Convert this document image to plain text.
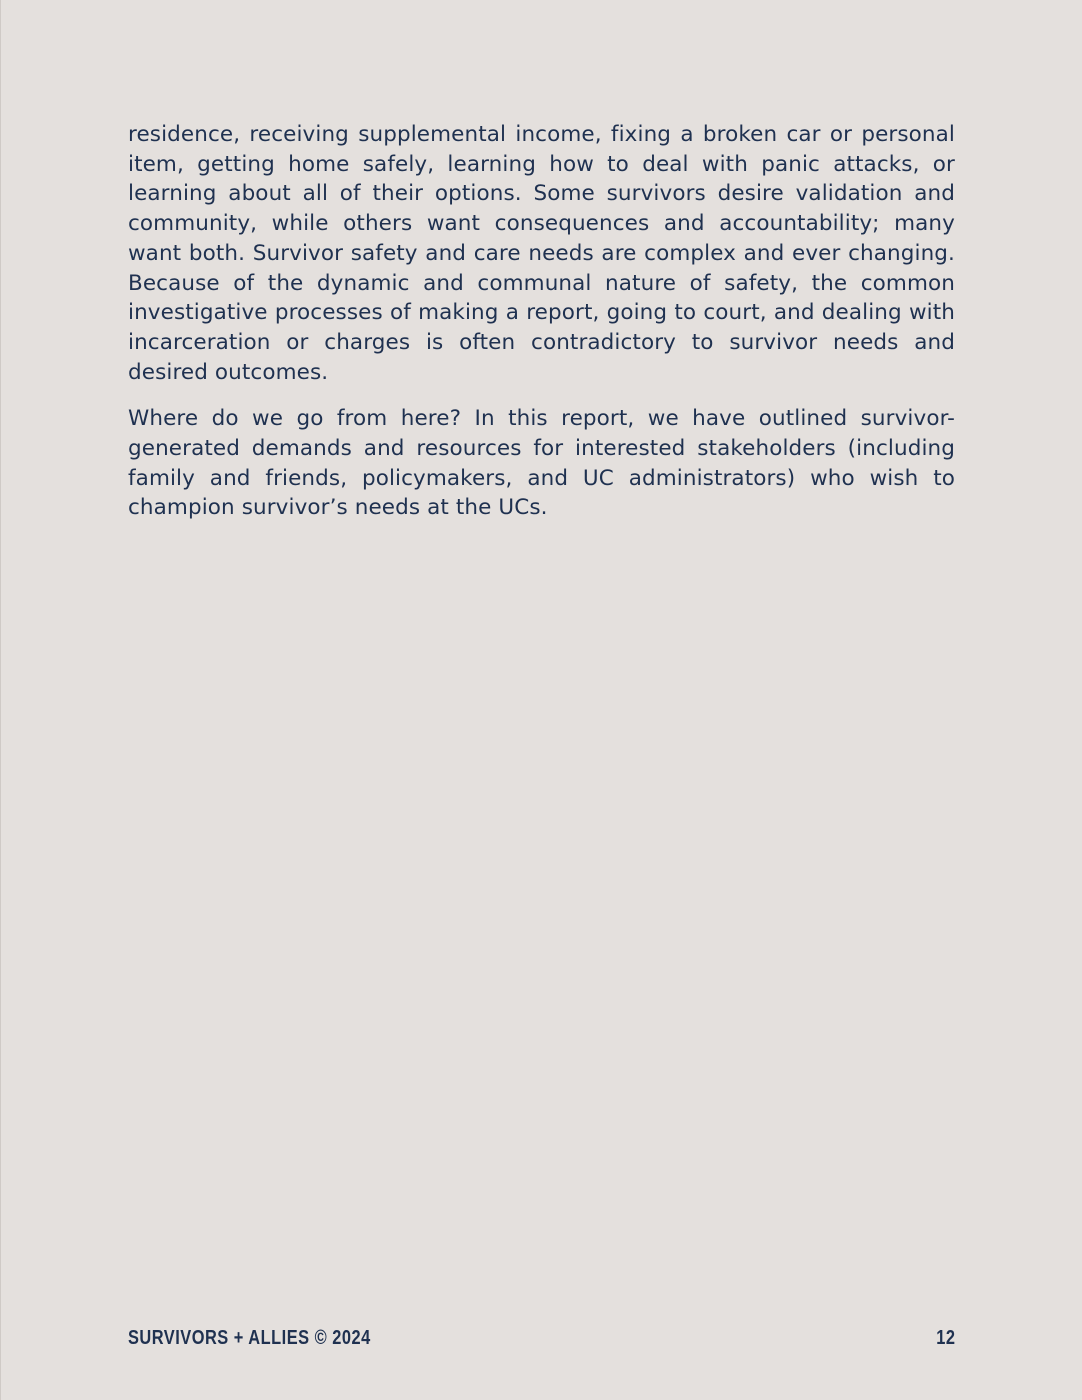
residence, receiving supplemental income, fixing a broken car or personal item, getting home safely, learning how to deal with panic attacks, or learning about all of their options. Some survivors desire validation and community, while others want consequences and accountability; many want both. Survivor safety and care needs are complex and ever changing. Because of the dynamic and communal nature of safety, the common investigative processes of making a report, going to court, and dealing with incarceration or charges is often contradictory to survivor needs and desired outcomes.

Where do we go from here? In this report, we have outlined survivor-generated demands and resources for interested stakeholders (including family and friends, policymakers, and UC administrators) who wish to champion survivor’s needs at the UCs.

SURVIVORS + ALLIES © 2024	12
